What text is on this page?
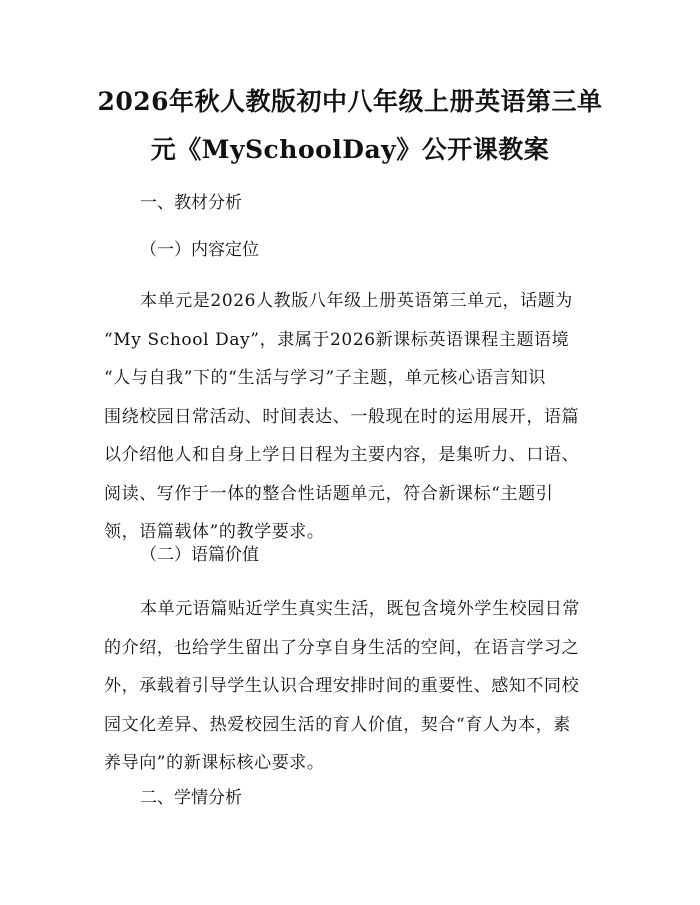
2026年秋人教版初中八年级上册英语第三单
元《MySchoolDay》公开课教案
一、教材分析
（一）内容定位
本单元是2026人教版八年级上册英语第三单元，话题为
“My School Day”，隶属于2026新课标英语课程主题语境
“人与自我”下的“生活与学习”子主题，单元核心语言知识
围绕校园日常活动、时间表达、一般现在时的运用展开，语篇
以介绍他人和自身上学日日程为主要内容，是集听力、口语、
阅读、写作于一体的整合性话题单元，符合新课标“主题引
领，语篇载体”的教学要求。
（二）语篇价值
本单元语篇贴近学生真实生活，既包含境外学生校园日常
的介绍，也给学生留出了分享自身生活的空间，在语言学习之
外，承载着引导学生认识合理安排时间的重要性、感知不同校
园文化差异、热爱校园生活的育人价值，契合“育人为本，素
养导向”的新课标核心要求。
二、学情分析
